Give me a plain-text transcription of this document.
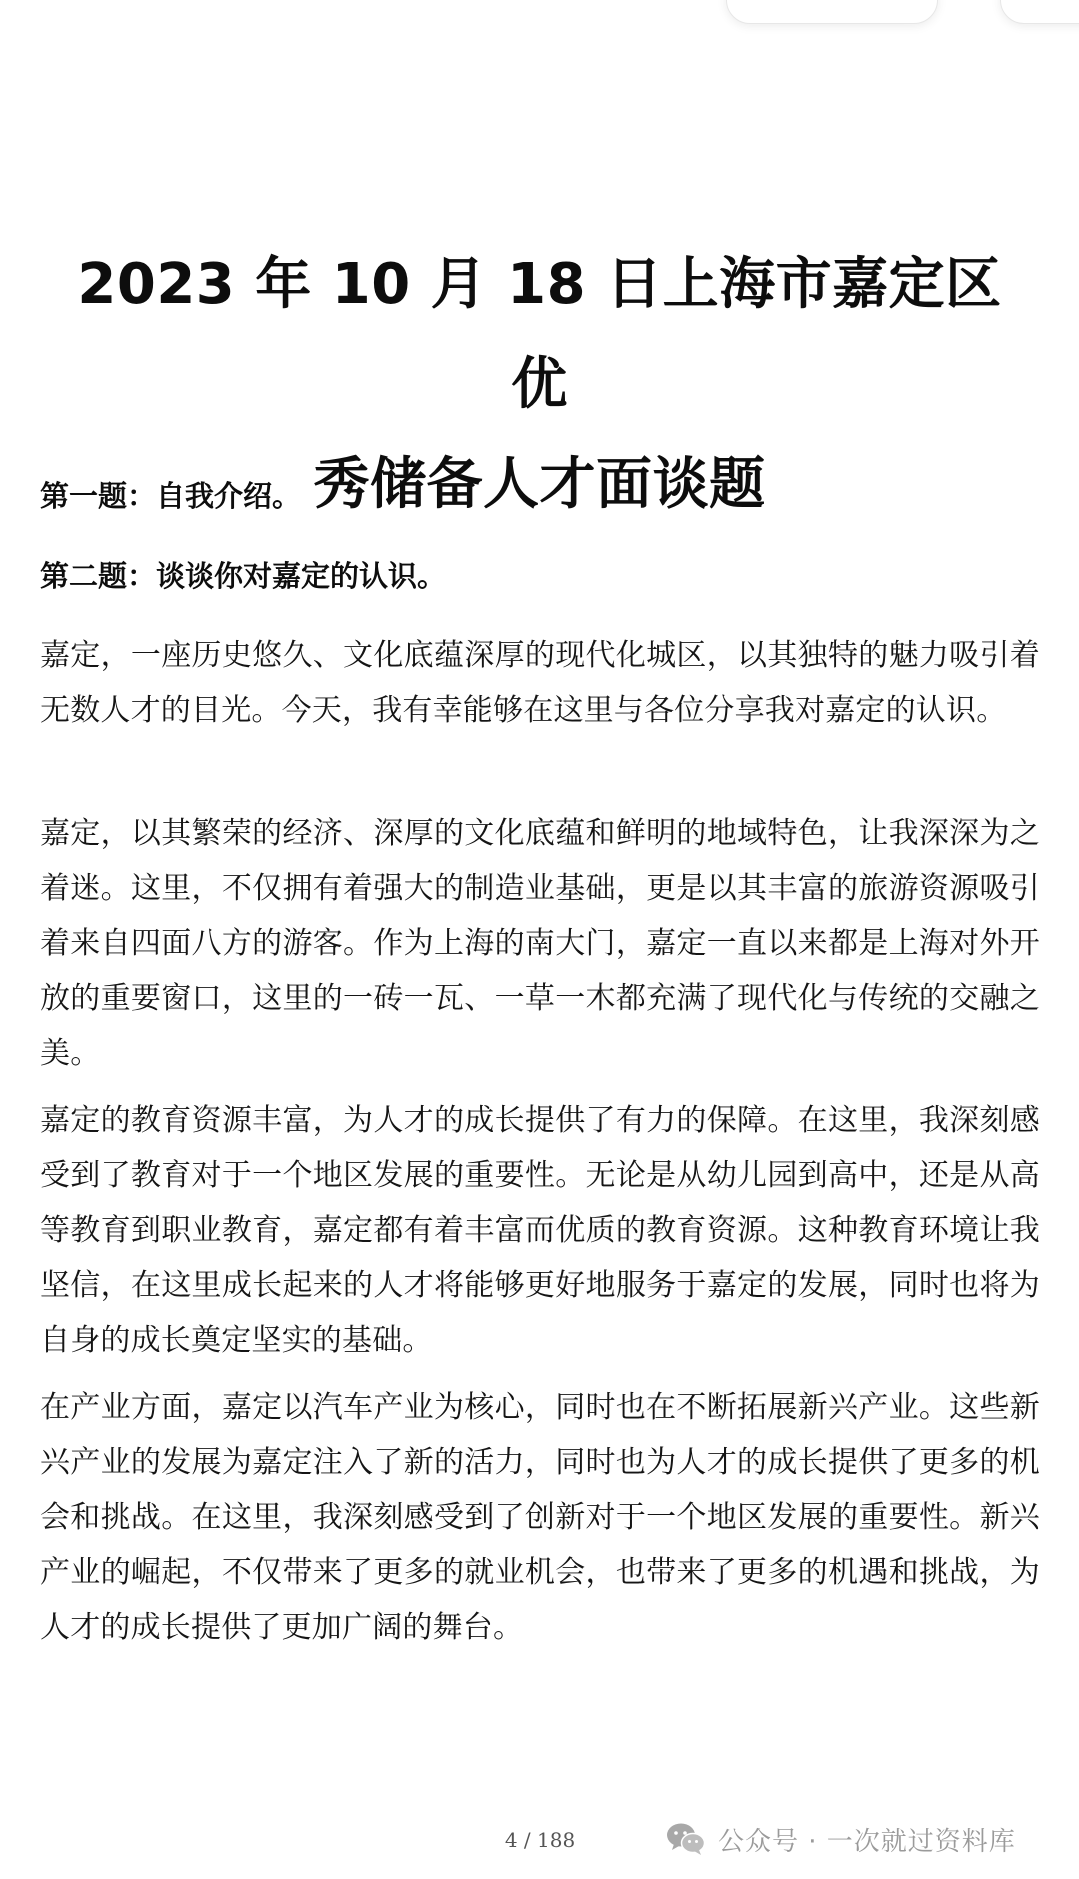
2023 年 10 月 18 日上海市嘉定区优
秀储备人才面谈题
第一题：自我介绍。
第二题：谈谈你对嘉定的认识。
嘉定，一座历史悠久、文化底蕴深厚的现代化城区，以其独特的魅力吸引着无数人才的目光。今天，我有幸能够在这里与各位分享我对嘉定的认识。
嘉定，以其繁荣的经济、深厚的文化底蕴和鲜明的地域特色，让我深深为之着迷。这里，不仅拥有着强大的制造业基础，更是以其丰富的旅游资源吸引着来自四面八方的游客。作为上海的南大门，嘉定一直以来都是上海对外开放的重要窗口，这里的一砖一瓦、一草一木都充满了现代化与传统的交融之美。
嘉定的教育资源丰富，为人才的成长提供了有力的保障。在这里，我深刻感受到了教育对于一个地区发展的重要性。无论是从幼儿园到高中，还是从高等教育到职业教育，嘉定都有着丰富而优质的教育资源。这种教育环境让我坚信，在这里成长起来的人才将能够更好地服务于嘉定的发展，同时也将为自身的成长奠定坚实的基础。
在产业方面，嘉定以汽车产业为核心，同时也在不断拓展新兴产业。这些新兴产业的发展为嘉定注入了新的活力，同时也为人才的成长提供了更多的机会和挑战。在这里，我深刻感受到了创新对于一个地区发展的重要性。新兴产业的崛起，不仅带来了更多的就业机会，也带来了更多的机遇和挑战，为人才的成长提供了更加广阔的舞台。
4 / 188	公众号 · 一次就过资料库
